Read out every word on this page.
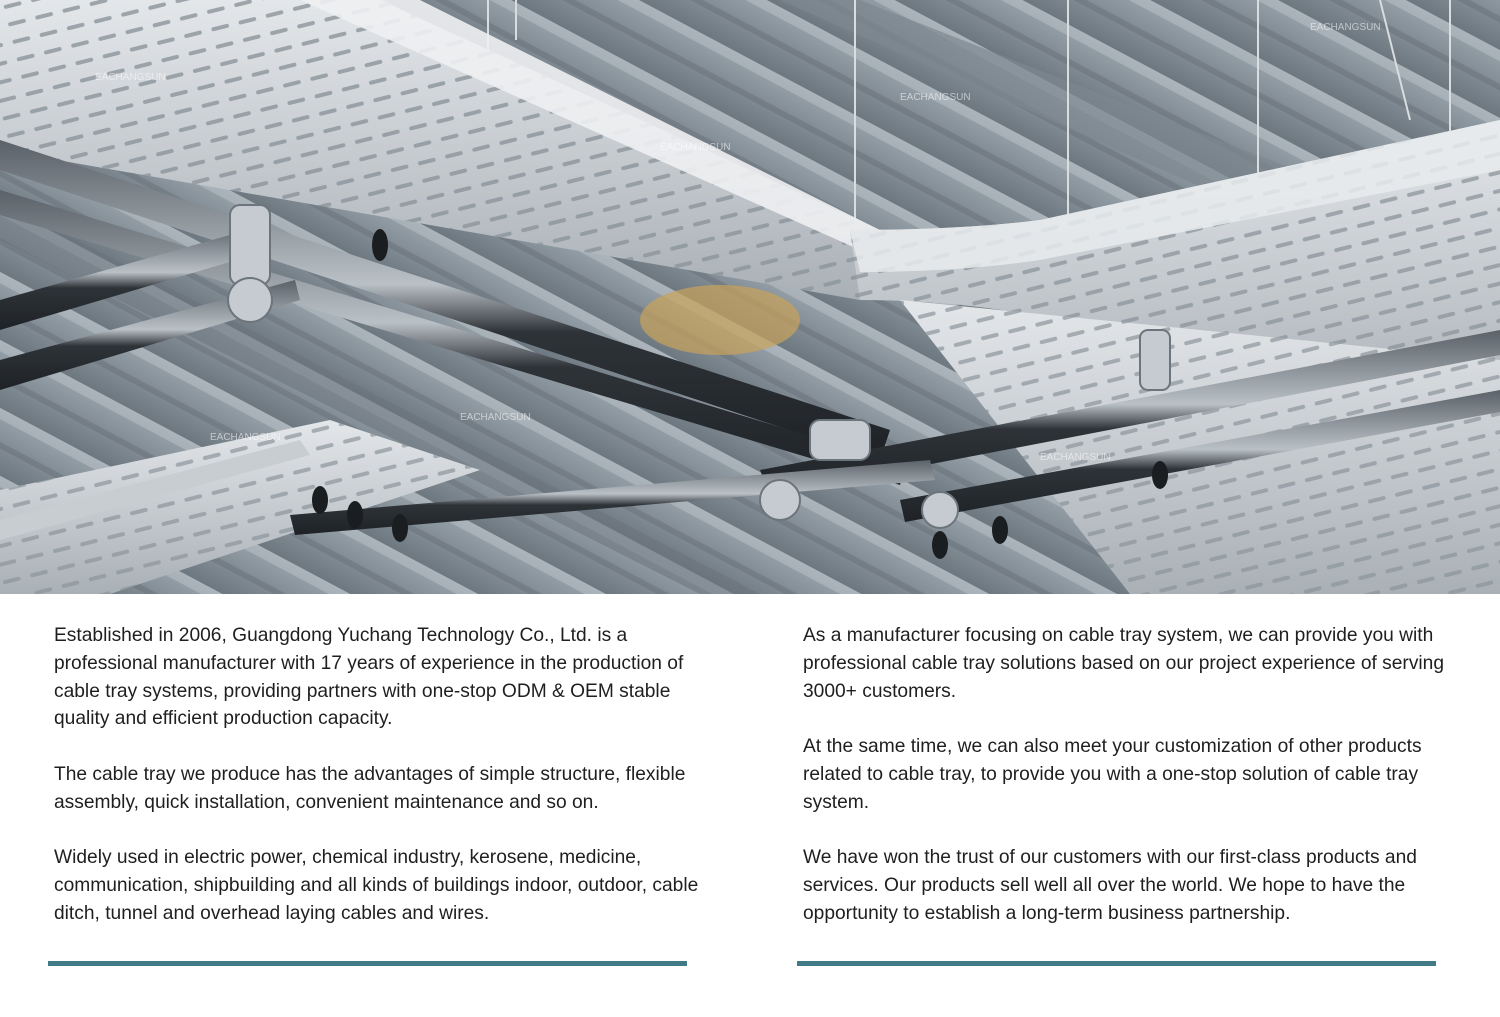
EACHANGSUN
EACHANGSUN
EACHANGSUN
EACHANGSUN
EACHANGSUN
EACHANGSUN
EACHANGSUN

Established in 2006, Guangdong Yuchang Technology Co., Ltd. is a professional manufacturer with 17 years of experience in the production of cable tray systems, providing partners with one-stop ODM & OEM stable quality and efficient production capacity.

The cable tray we produce has the advantages of simple structure, flexible assembly, quick installation, convenient maintenance and so on.

Widely used in electric power, chemical industry, kerosene, medicine, communication, shipbuilding and all kinds of buildings indoor, outdoor, cable ditch, tunnel and overhead laying cables and wires.

As a manufacturer focusing on cable tray system, we can provide you with professional cable tray solutions based on our project experience of serving 3000+ customers.

At the same time, we can also meet your customization of other products related to cable tray, to provide you with a one-stop solution of cable tray system.

We have won the trust of our customers with our first-class products and services. Our products sell well all over the world. We hope to have the opportunity to establish a long-term business partnership.
